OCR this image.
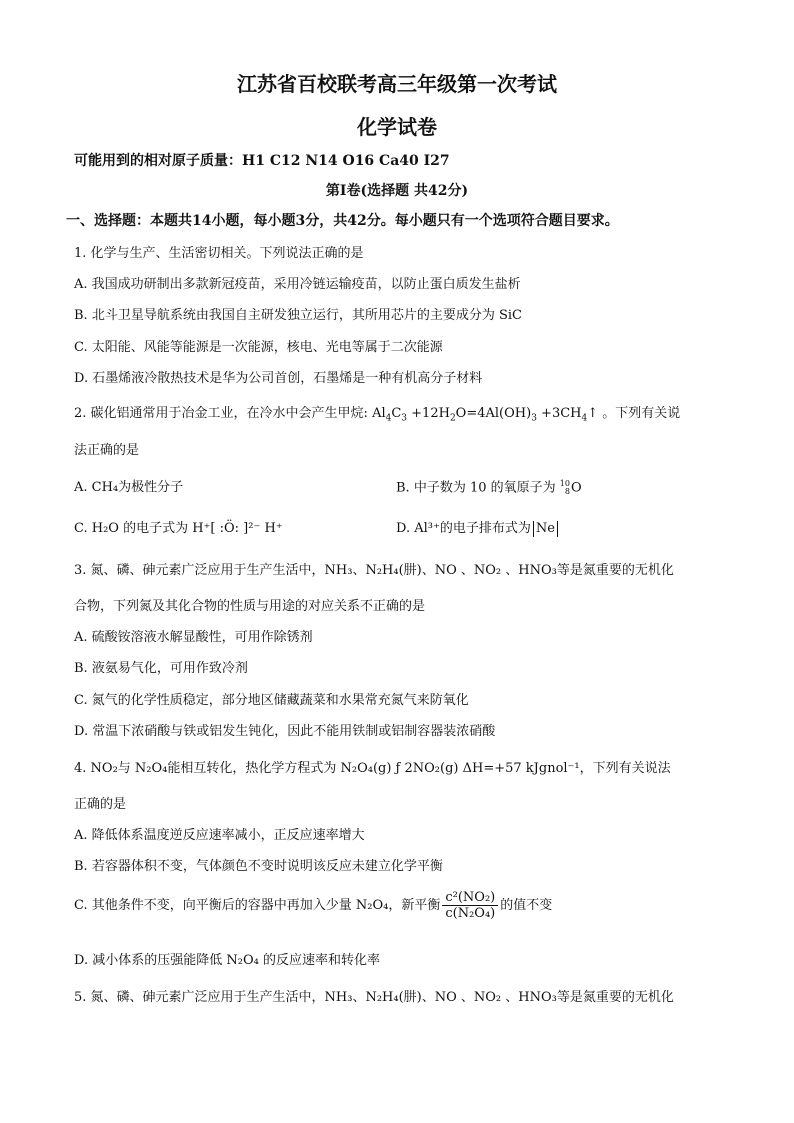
江苏省百校联考高三年级第一次考试
化学试卷
可能用到的相对原子质量：H1 C12 N14 O16 Ca40 I27
第Ⅰ卷(选择题 共42分)
一、选择题：本题共14小题，每小题3分，共42分。每小题只有一个选项符合题目要求。
1. 化学与生产、生活密切相关。下列说法正确的是
A. 我国成功研制出多款新冠疫苗，采用冷链运输疫苗，以防止蛋白质发生盐析
B. 北斗卫星导航系统由我国自主研发独立运行，其所用芯片的主要成分为 SiC
C. 太阳能、风能等能源是一次能源，核电、光电等属于二次能源
D. 石墨烯液冷散热技术是华为公司首创，石墨烯是一种有机高分子材料
2. 碳化铝通常用于冶金工业，在冷水中会产生甲烷: $Al_4C_3 +12H_2O=4Al(OH)_3$ $+3CH_4↑$ 。下列有关说
法正确的是
A. CH₄为极性分子	B. 中子数为 10 的氧原子为 10
8 O
C. H₂O 的电子式为 H⁺[ :Ö: ]²⁻ H⁺	D. Al³⁺的电子排布式为 Ne
3. 氮、磷、砷元素广泛应用于生产生活中，NH₃、N₂H₄(肼)、NO 、NO₂ 、HNO₃等是氮重要的无机化
合物，下列氮及其化合物的性质与用途的对应关系不正确的是
A. 硫酸铵溶液水解显酸性，可用作除锈剂
B. 液氨易气化，可用作致冷剂
C. 氮气的化学性质稳定，部分地区储藏蔬菜和水果常充氮气来防氧化
D. 常温下浓硝酸与铁或铝发生钝化，因此不能用铁制或铝制容器装浓硝酸
4. NO₂与 N₂O₄能相互转化，热化学方程式为 N₂O₄(g) ƒ 2NO₂(g) ΔH=+57 kJgnol⁻¹，下列有关说法
正确的是
A. 降低体系温度逆反应速率减小，正反应速率增大
B. 若容器体积不变，气体颜色不变时说明该反应未建立化学平衡
C. 其他条件不变，向平衡后的容器中再加入少量 N₂O₄，新平衡 $\frac{\text{c²(NO₂)}}{\text{c(N₂O₄)}}$ 的值不变
D. 减小体系的压强能降低 N₂O₄ 的反应速率和转化率
5. 氮、磷、砷元素广泛应用于生产生活中，NH₃、N₂H₄(肼)、NO 、NO₂ 、HNO₃等是氮重要的无机化
